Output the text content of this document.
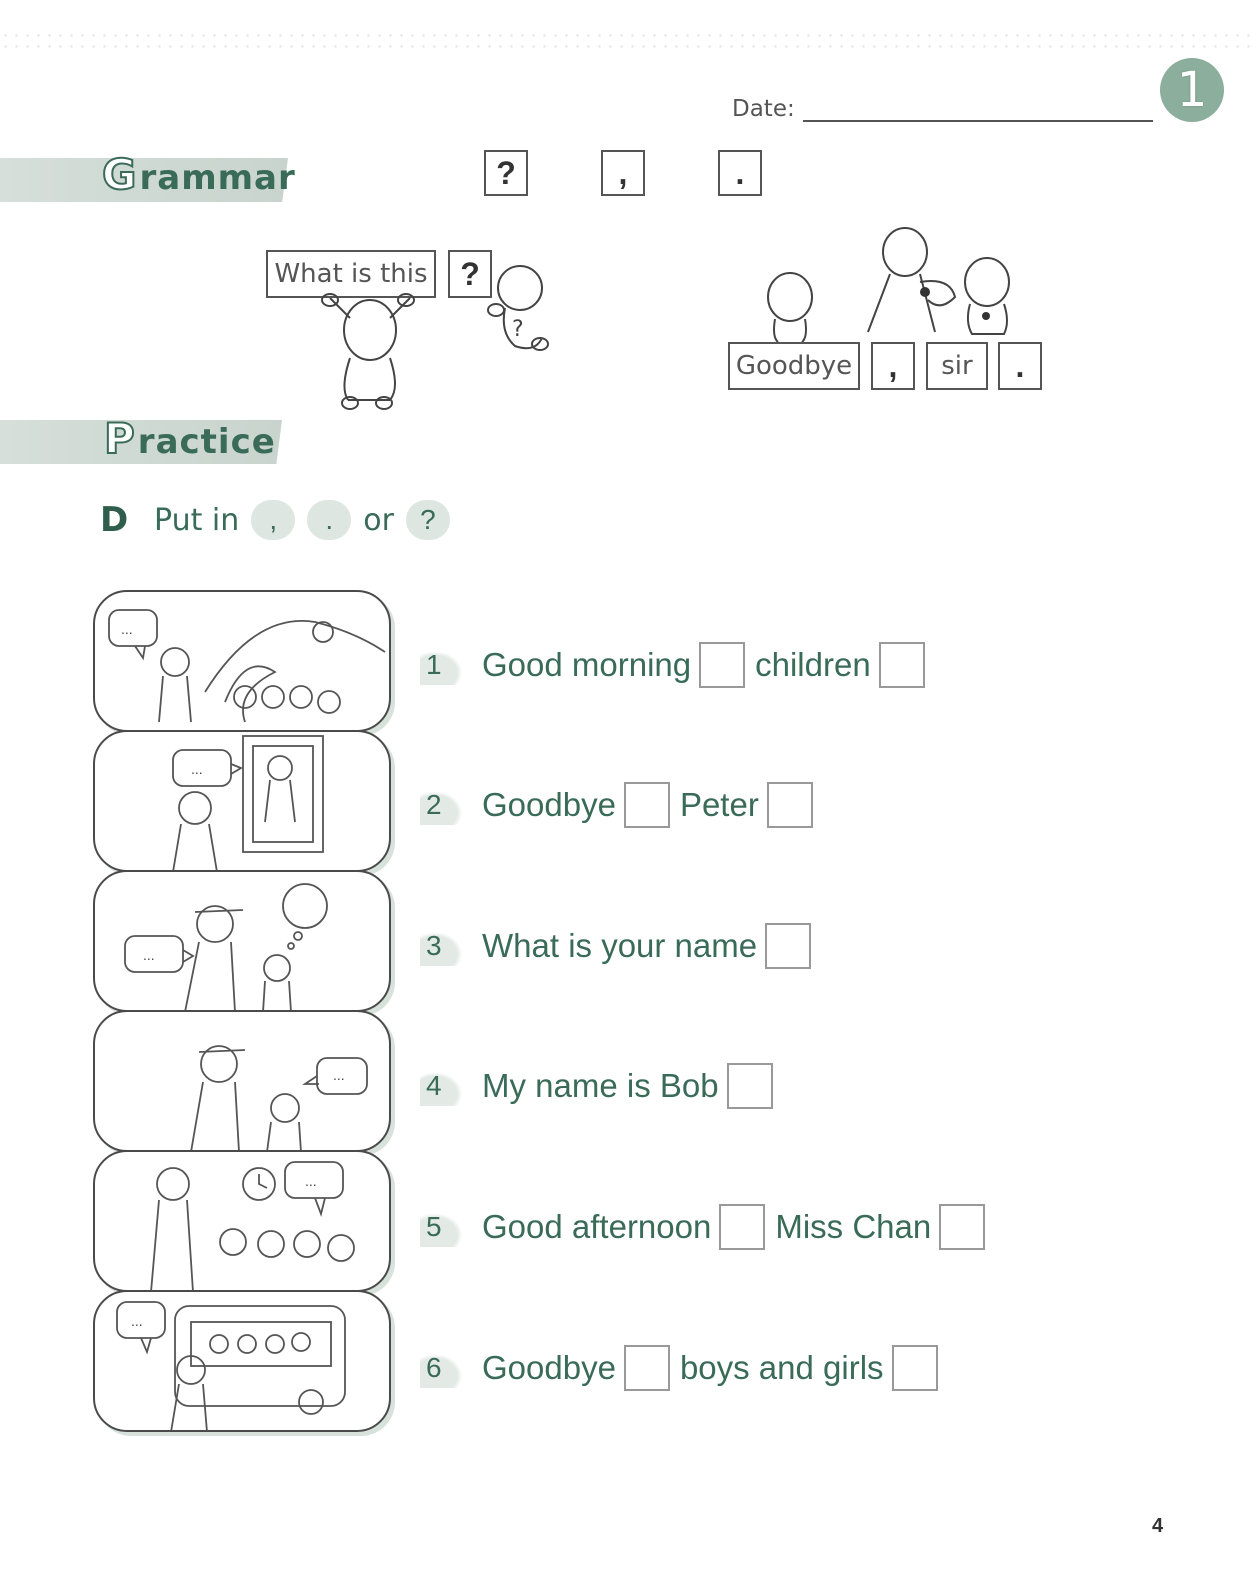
Date:	1
Grammar	?	,	.
What is this	?
?
Goodbye	,	sir	.
Practice
D Put in	,	.	or ?
...
...
...
...
...
...
1	Good morning children
2	Goodbye Peter
3	What is your name
4	My name is Bob
5	Good afternoon Miss Chan
6	Goodbye boys and girls
4
